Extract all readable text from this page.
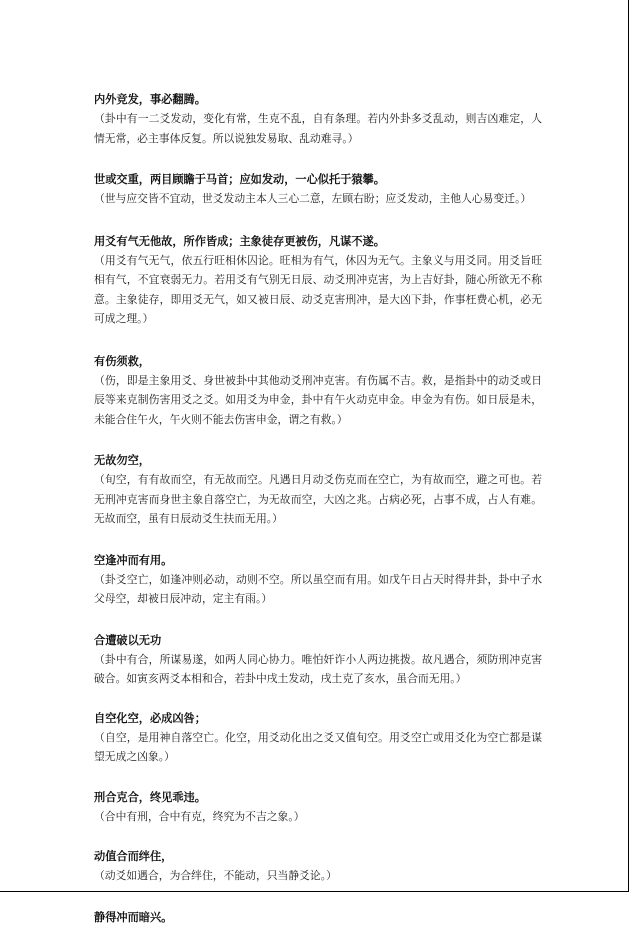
内外竞发，事必翻腾。
（卦中有一二爻发动，变化有常，生克不乱，自有条理。若内外卦多爻乱动，则吉凶难定，人情无常，必主事体反复。所以说独发易取、乱动难寻。）
世或交重，两目顾瞻于马首；应如发动，一心似托于猿攀。
（世与应交皆不宜动，世爻发动主本人三心二意，左顾右盼；应爻发动，主他人心易变迁。）
用爻有气无他故，所作皆成；主象徒存更被伤，凡谋不遂。
（用爻有气无气，依五行旺相休囚论。旺相为有气，休囚为无气。主象义与用爻同。用爻旨旺相有气，不宜衰弱无力。若用爻有气别无日辰、动爻刑冲克害，为上吉好卦，随心所欲无不称意。主象徒存，即用爻无气，如又被日辰、动爻克害刑冲，是大凶下卦，作事枉费心机，必无可成之理。）
有伤须救，
（伤，即是主象用爻、身世被卦中其他动爻刑冲克害。有伤属不吉。救，是指卦中的动爻或日辰等来克制伤害用爻之爻。如用爻为申金，卦中有午火动克申金。申金为有伤。如日辰是未，未能合住午火，午火则不能去伤害申金，谓之有救。）
无故勿空，
（旬空，有有故而空，有无故而空。凡遇日月动爻伤克而在空亡，为有故而空，避之可也。若无刑冲克害而身世主象自落空亡，为无故而空，大凶之兆。占病必死，占事不成，占人有难。无故而空，虽有日辰动爻生扶而无用。）
空逢冲而有用。
（卦爻空亡，如逢冲则必动，动则不空。所以虽空而有用。如戊午日占天时得井卦，卦中子水父母空，却被日辰冲动，定主有雨。）
合遭破以无功
（卦中有合，所谋易遂，如两人同心协力。唯怕奸诈小人两边挑拨。故凡遇合，须防刑冲克害破合。如寅亥两爻本相和合，若卦中戌土发动，戌土克了亥水，虽合而无用。）
自空化空，必成凶咎；
（自空，是用神自落空亡。化空，用爻动化出之爻又值旬空。用爻空亡或用爻化为空亡都是谋望无成之凶象。）
刑合克合，终见乖违。
（合中有刑，合中有克，终究为不吉之象。）
动值合而绊住，
（动爻如遇合，为合绊住，不能动，只当静爻论。）
静得冲而暗兴。
